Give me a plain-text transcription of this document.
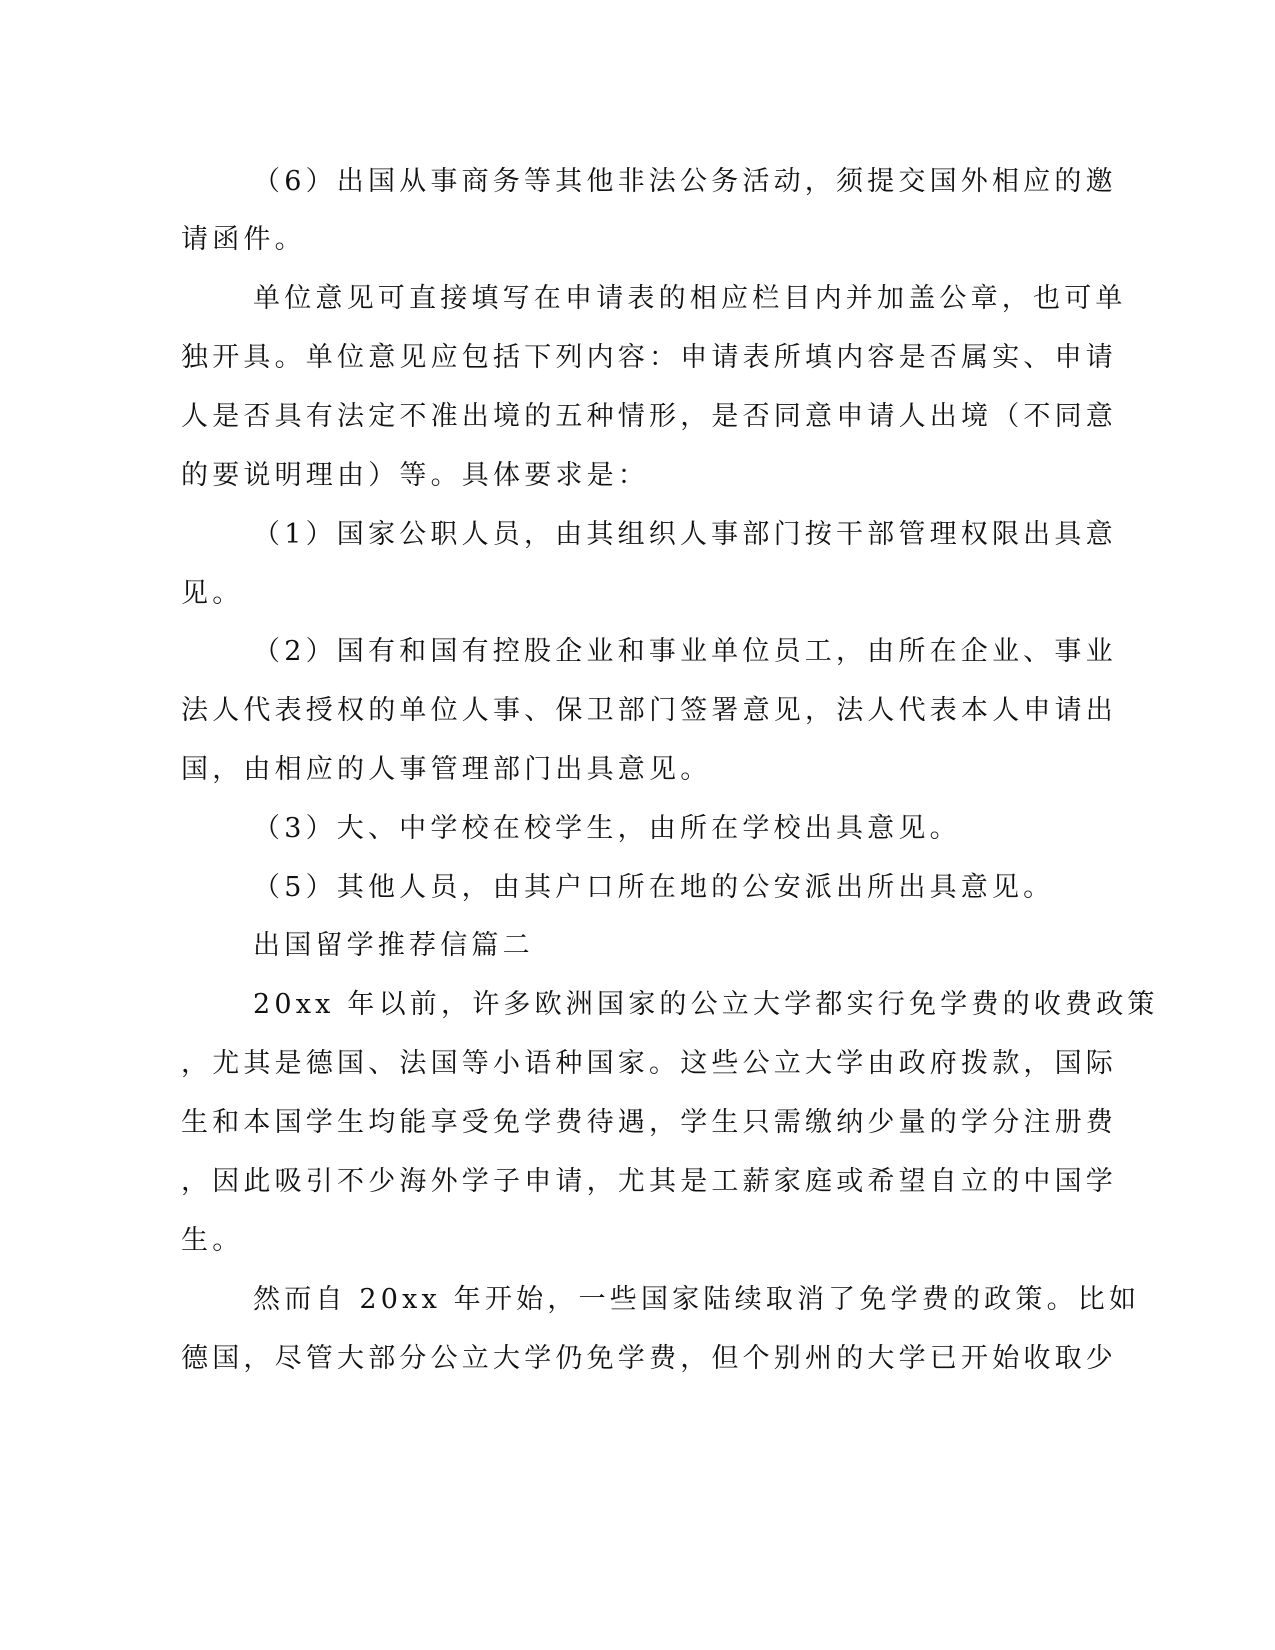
（6）出国从事商务等其他非法公务活动，须提交国外相应的邀
请函件。
单位意见可直接填写在申请表的相应栏目内并加盖公章，也可单
独开具。单位意见应包括下列内容：申请表所填内容是否属实、申请
人是否具有法定不准出境的五种情形，是否同意申请人出境（不同意
的要说明理由）等。具体要求是：
（1）国家公职人员，由其组织人事部门按干部管理权限出具意
见。
（2）国有和国有控股企业和事业单位员工，由所在企业、事业
法人代表授权的单位人事、保卫部门签署意见，法人代表本人申请出
国，由相应的人事管理部门出具意见。
（3）大、中学校在校学生，由所在学校出具意见。
（5）其他人员，由其户口所在地的公安派出所出具意见。
出国留学推荐信篇二
20xx 年以前，许多欧洲国家的公立大学都实行免学费的收费政策
，尤其是德国、法国等小语种国家。这些公立大学由政府拨款，国际
生和本国学生均能享受免学费待遇，学生只需缴纳少量的学分注册费
，因此吸引不少海外学子申请，尤其是工薪家庭或希望自立的中国学
生。
然而自 20xx 年开始，一些国家陆续取消了免学费的政策。比如
德国，尽管大部分公立大学仍免学费，但个别州的大学已开始收取少
